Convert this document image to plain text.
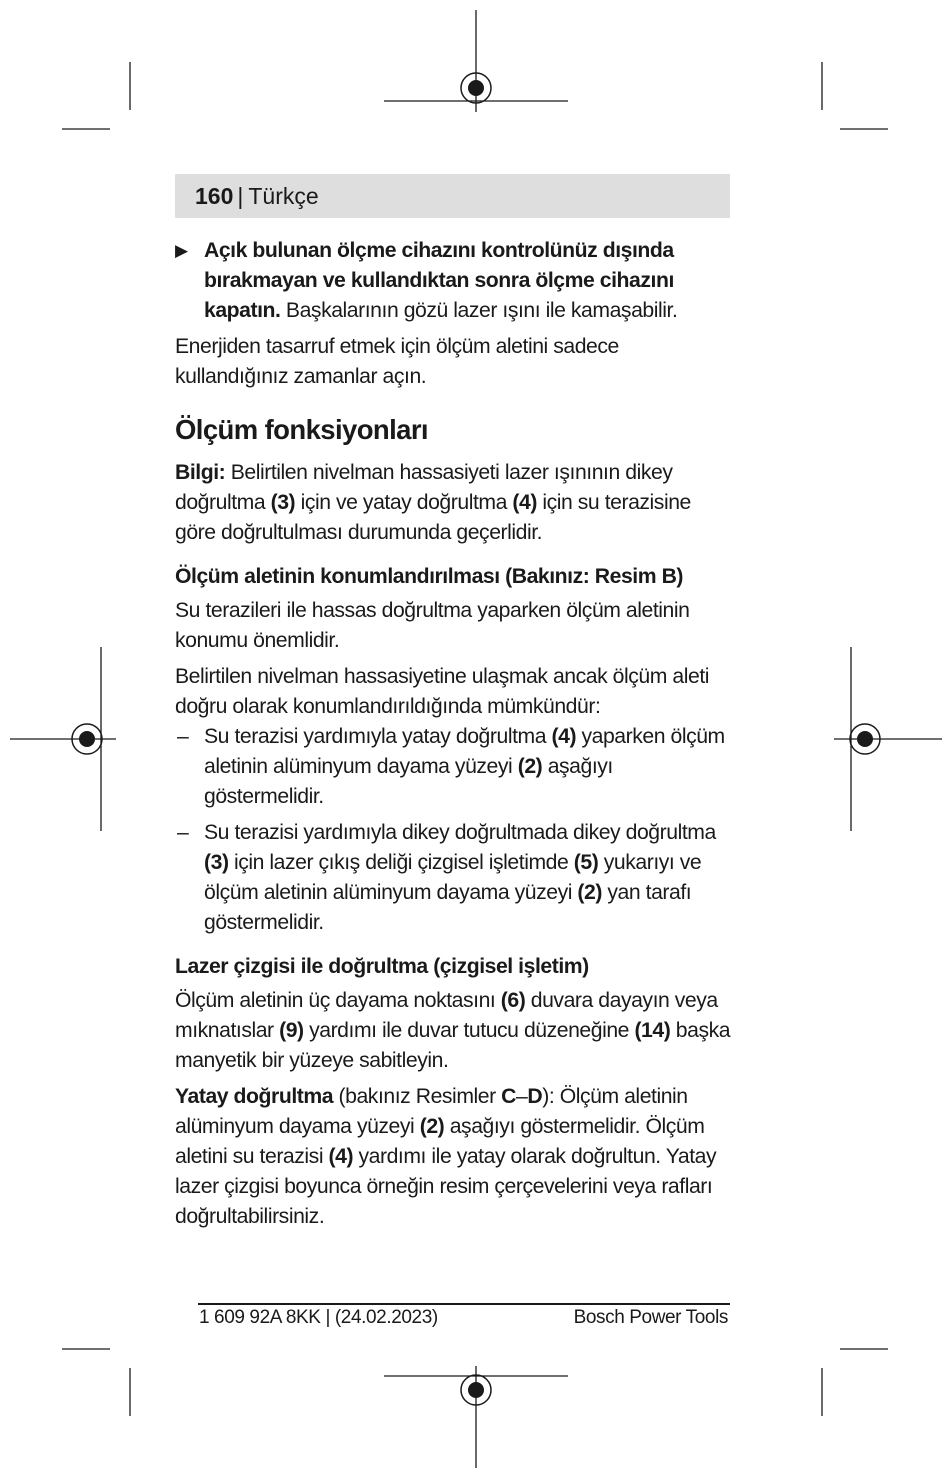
160 | Türkçe

▶ Açık bulunan ölçme cihazını kontrolünüz dışında bırakmayan ve kullandıktan sonra ölçme cihazını kapatın. Başkalarının gözü lazer ışını ile kamaşabilir.

Enerjiden tasarruf etmek için ölçüm aletini sadece kullandığınız zamanlar açın.

Ölçüm fonksiyonları

Bilgi: Belirtilen nivelman hassasiyeti lazer ışınının dikey doğrultma (3) için ve yatay doğrultma (4) için su terazisine göre doğrultulması durumunda geçerlidir.

Ölçüm aletinin konumlandırılması (Bakınız: Resim B)

Su terazileri ile hassas doğrultma yaparken ölçüm aletinin konumu önemlidir.

Belirtilen nivelman hassasiyetine ulaşmak ancak ölçüm aleti doğru olarak konumlandırıldığında mümkündür:

– Su terazisi yardımıyla yatay doğrultma (4) yaparken ölçüm aletinin alüminyum dayama yüzeyi (2) aşağıyı göstermelidir.

– Su terazisi yardımıyla dikey doğrultmada dikey doğrultma (3) için lazer çıkış deliği çizgisel işletimde (5) yukarıyı ve ölçüm aletinin alüminyum dayama yüzeyi (2) yan tarafı göstermelidir.

Lazer çizgisi ile doğrultma (çizgisel işletim)

Ölçüm aletinin üç dayama noktasını (6) duvara dayayın veya mıknatıslar (9) yardımı ile duvar tutucu düzeneğine (14) başka manyetik bir yüzeye sabitleyin.

Yatay doğrultma (bakınız Resimler C–D): Ölçüm aletinin alüminyum dayama yüzeyi (2) aşağıyı göstermelidir. Ölçüm aletini su terazisi (4) yardımı ile yatay olarak doğrultun. Yatay lazer çizgisi boyunca örneğin resim çerçevelerini veya rafları doğrultabilirsiniz.

1 609 92A 8KK | (24.02.2023)	Bosch Power Tools
